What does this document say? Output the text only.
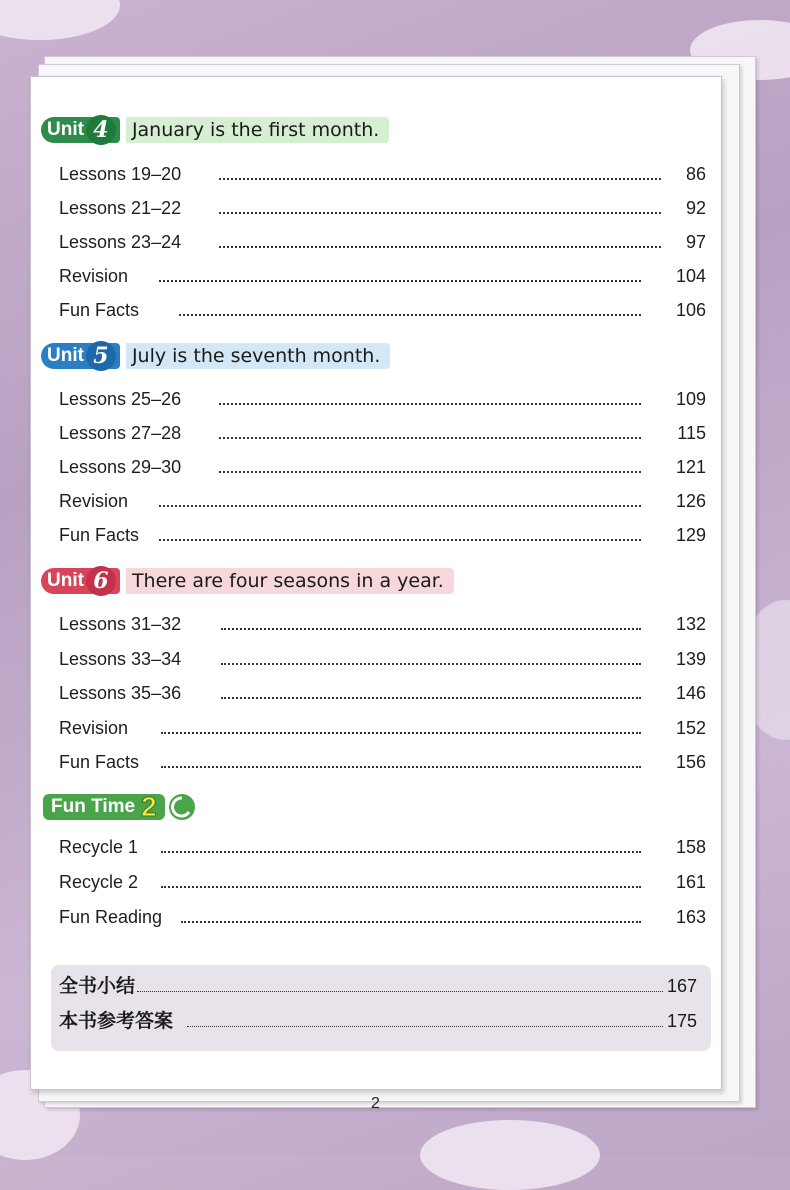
Unit 4	January is the first month.
Lessons 19–20	86
Lessons 21–22	92
Lessons 23–24	97
Revision	104
Fun Facts	106
Unit 5	July is the seventh month.
Lessons 25–26	109
Lessons 27–28	115
Lessons 29–30	121
Revision	126
Fun Facts	129
Unit 6	There are four seasons in a year.
Lessons 31–32	132
Lessons 33–34	139
Lessons 35–36	146
Revision	152
Fun Facts	156
Fun Time 2
Recycle 1	158
Recycle 2	161
Fun Reading	163
全书小结	167
本书参考答案	175
2
